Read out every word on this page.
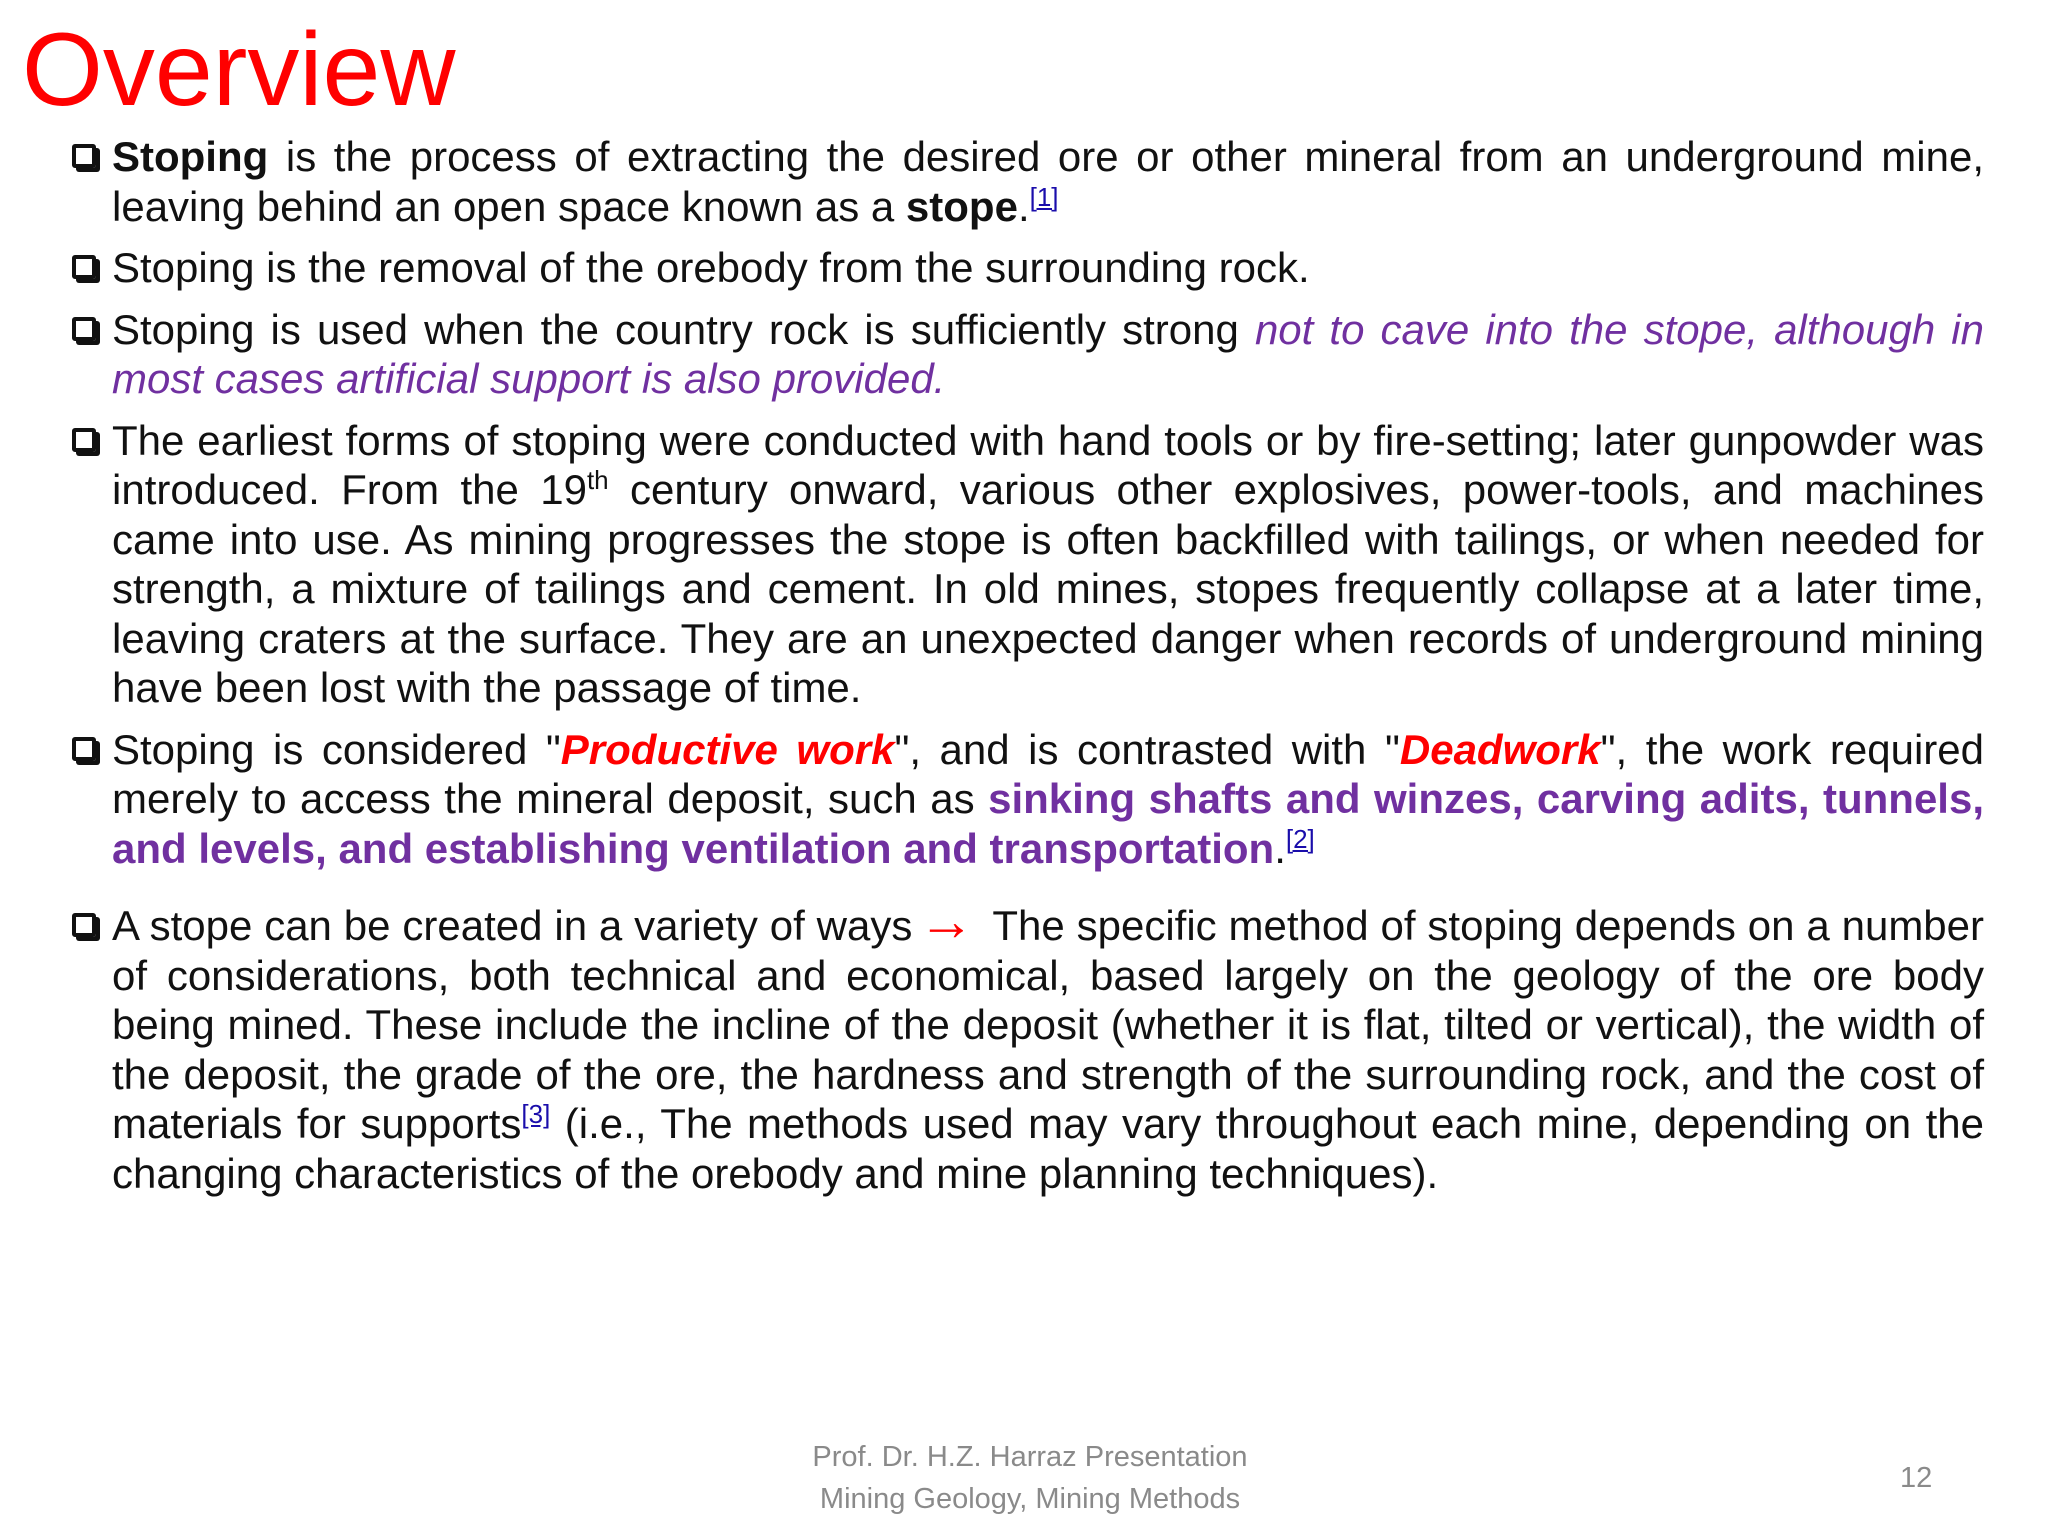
Overview
Stoping is the process of extracting the desired ore or other mineral from an underground mine, leaving behind an open space known as a stope.[1]
Stoping is the removal of the orebody from the surrounding rock.
Stoping is used when the country rock is sufficiently strong not to cave into the stope, although in most cases artificial support is also provided.
The earliest forms of stoping were conducted with hand tools or by fire-setting; later gunpowder was introduced. From the 19th century onward, various other explosives, power-tools, and machines came into use. As mining progresses the stope is often backfilled with tailings, or when needed for strength, a mixture of tailings and cement. In old mines, stopes frequently collapse at a later time, leaving craters at the surface. They are an unexpected danger when records of underground mining have been lost with the passage of time.
Stoping is considered "Productive work", and is contrasted with "Deadwork", the work required merely to access the mineral deposit, such as sinking shafts and winzes, carving adits, tunnels, and levels, and establishing ventilation and transportation.[2]
A stope can be created in a variety of ways → The specific method of stoping depends on a number of considerations, both technical and economical, based largely on the geology of the ore body being mined. These include the incline of the deposit (whether it is flat, tilted or vertical), the width of the deposit, the grade of the ore, the hardness and strength of the surrounding rock, and the cost of materials for supports[3] (i.e., The methods used may vary throughout each mine, depending on the changing characteristics of the orebody and mine planning techniques).
Prof. Dr. H.Z. Harraz Presentation
Mining Geology, Mining Methods
12
